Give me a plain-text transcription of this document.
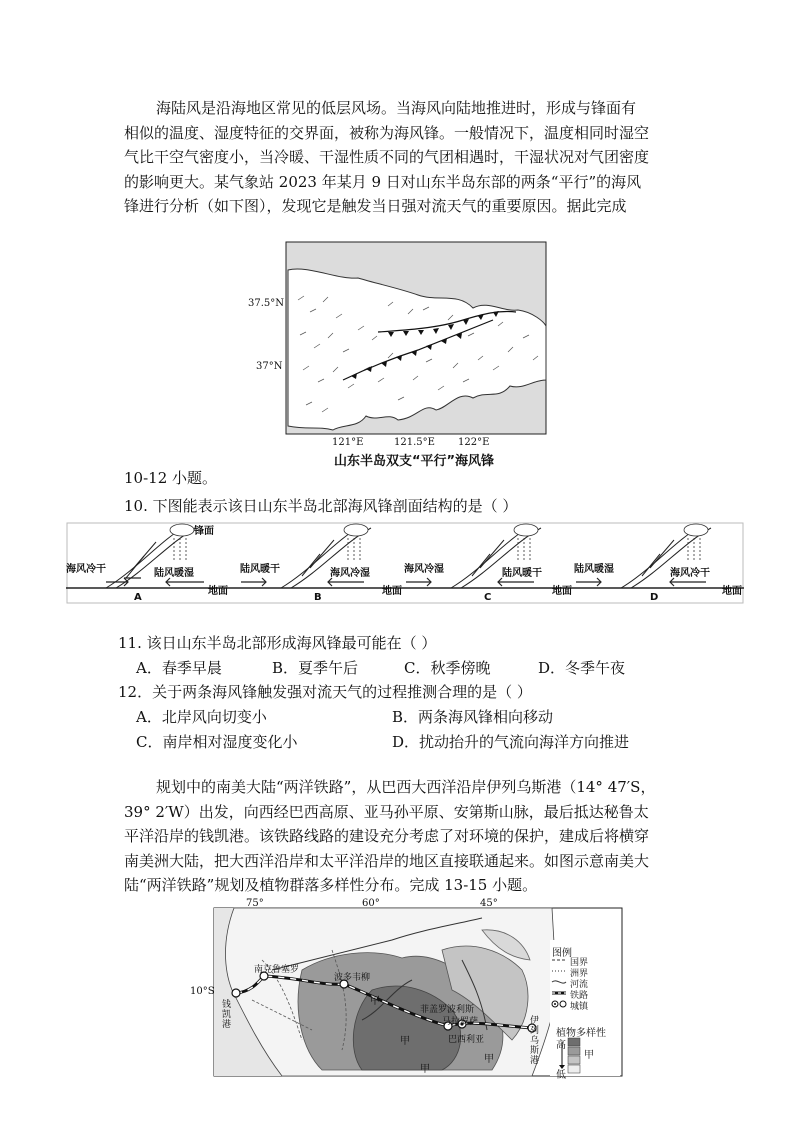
海陆风是沿海地区常见的低层风场。当海风向陆地推进时，形成与锋面有
相似的温度、湿度特征的交界面，被称为海风锋。一般情况下，温度相同时湿空
气比干空气密度小，当冷暖、干湿性质不同的气团相遇时，干湿状况对气团密度
的影响更大。某气象站 2023 年某月 9 日对山东半岛东部的两条“平行”的海风
锋进行分析（如下图），发现它是触发当日强对流天气的重要原因。据此完成
37.5°N
37°N
121°E	121.5°E 122°E
山东半岛双支“平行”海风锋
10-12 小题。
10. 下图能表示该日山东半岛北部海风锋剖面结构的是（ ）
海风冷干	陆风暖湿
锋面
A
陆风暖干	海风冷湿
地面
B
海风冷湿	陆风暖干
地面
C
陆风暖湿	海风冷干
地面
D
地面
11. 该日山东半岛北部形成海风锋最可能在（ ）
A．春季早晨	B．夏季午后	C．秋季傍晚	D．冬季午夜
12．关于两条海风锋触发强对流天气的过程推测合理的是（ ）
A．北岸风向切变小	B．两条海风锋相向移动
C．南岸相对湿度变化小	D．扰动抬升的气流向海洋方向推进
规划中的南美大陆“两洋铁路”，从巴西大西洋沿岸伊列乌斯港（14° 47′S，
39° 2′W）出发，向西经巴西高原、亚马孙平原、安第斯山脉，最后抵达秘鲁太
平洋沿岸的钱凯港。该铁路线路的建设充分考虑了对环境的保护，建成后将横穿
南美洲大陆，把大西洋沿岸和太平洋沿岸的地区直接联通起来。如图示意南美大
陆“两洋铁路”规划及植物群落多样性分布。完成 13-15 小题。
75°	60°	45°
10°S
南克鲁塞罗
波多韦柳
钱凯港
菲盖罗波利斯
马拉罗萨
巴西利亚
伊列乌斯港
甲
甲
甲
甲
图例
国界
洲界
河流
铁路
城镇
植物多样性
高
低
甲
